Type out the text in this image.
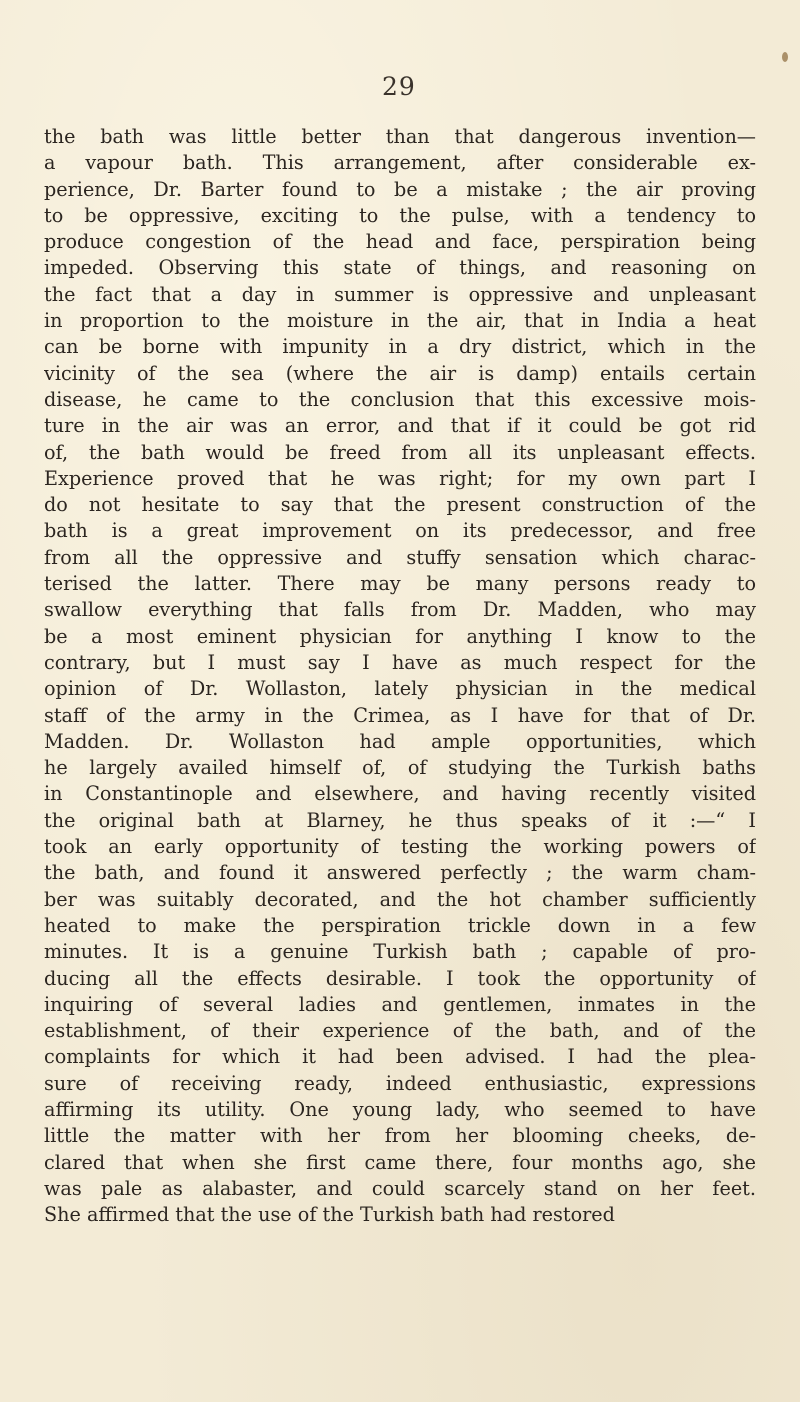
29
the bath was little better than that dangerous invention—
a vapour bath. This arrangement, after considerable ex-
perience, Dr. Barter found to be a mistake ; the air proving
to be oppressive, exciting to the pulse, with a tendency to
produce congestion of the head and face, perspiration being
impeded. Observing this state of things, and reasoning on
the fact that a day in summer is oppressive and unpleasant
in proportion to the moisture in the air, that in India a heat
can be borne with impunity in a dry district, which in the
vicinity of the sea (where the air is damp) entails certain
disease, he came to the conclusion that this excessive mois-
ture in the air was an error, and that if it could be got rid
of, the bath would be freed from all its unpleasant effects.
Experience proved that he was right; for my own part I
do not hesitate to say that the present construction of the
bath is a great improvement on its predecessor, and free
from all the oppressive and stuffy sensation which charac-
terised the latter. There may be many persons ready to
swallow everything that falls from Dr. Madden, who may
be a most eminent physician for anything I know to the
contrary, but I must say I have as much respect for the
opinion of Dr. Wollaston, lately physician in the medical
staff of the army in the Crimea, as I have for that of Dr.
Madden. Dr. Wollaston had ample opportunities, which
he largely availed himself of, of studying the Turkish baths
in Constantinople and elsewhere, and having recently visited
the original bath at Blarney, he thus speaks of it :—“ I
took an early opportunity of testing the working powers of
the bath, and found it answered perfectly ; the warm cham-
ber was suitably decorated, and the hot chamber sufficiently
heated to make the perspiration trickle down in a few
minutes. It is a genuine Turkish bath ; capable of pro-
ducing all the effects desirable. I took the opportunity of
inquiring of several ladies and gentlemen, inmates in the
establishment, of their experience of the bath, and of the
complaints for which it had been advised. I had the plea-
sure of receiving ready, indeed enthusiastic, expressions
affirming its utility. One young lady, who seemed to have
little the matter with her from her blooming cheeks, de-
clared that when she first came there, four months ago, she
was pale as alabaster, and could scarcely stand on her feet.
She affirmed that the use of the Turkish bath had restored
